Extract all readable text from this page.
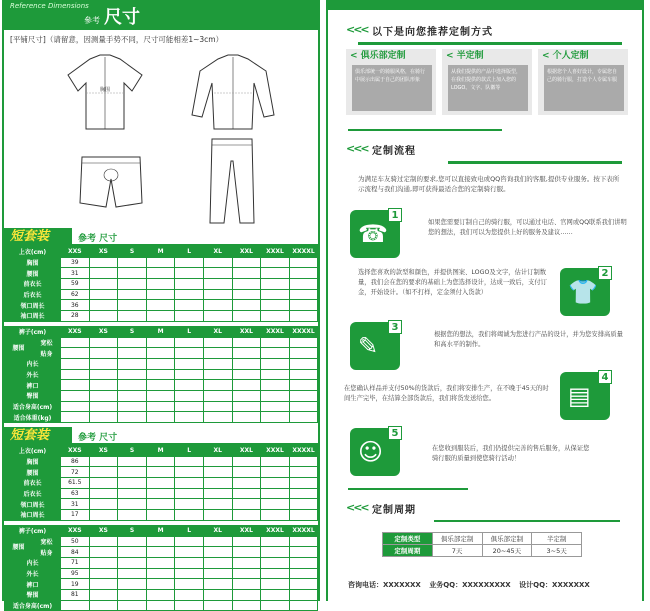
Reference Dimensions
參考 尺寸
[平铺尺寸]（请留意，因测量手势不同，尺寸可能相差1~3cm）
胸围
短套装	參考 尺寸
上衣(cm)	XXS	XS	S	M	L	XL	XXL	XXXL	XXXXL
胸围	39								
腰围	31								
前衣长	59								
后衣长	62								
领口周长	36								
袖口周长	28								
裤子(cm)		XXS	XS	S	M	L	XL	XXL	XXXL	XXXXL
腰围	宽松									
	贴身									
内长										
外长										
裤口										
臀围										
适合身高(cm)										
适合体重(kg)										
短套装	參考 尺寸
上衣(cm)	XXS	XS	S	M	L	XL	XXL	XXXL	XXXXL
胸围	86								
腰围	72								
前衣长	61.5								
后衣长	63								
领口周长	31								
袖口周长	17								
裤子(cm)		XXS	XS	S	M	L	XL	XXL	XXXL	XXXXL
腰围	宽松	50								
	贴身	84								
内长		71								
外长		95								
裤口		19								
臀围		81								
适合身高(cm)										
<<< 以下是向您推荐定制方式
< 俱乐部定制
俱乐部统一的骑服风格，在骑行中展示出属于自己的团队形象
< 半定制
从我们提供的产品中选择版型，在我们提供的款式上加入您的LOGO、文字、队徽等
< 个人定制
根据您个人喜好设计，专属您自己的骑行服，打造个人专属车服
<<< 定制流程
为满足车友骑过定制的要求,您可以直接致电或QQ咨询我们的客服,提供专业服务。按下表所示流程与我们沟通,即可获得最适合您的定制骑行服。
☎
1
如果您需要订制自己的骑行服，可以通过电话、官网或QQ联系我们讲明您的想法，我们可以为您提供上好的服务及建议……
👕
2
选择您喜欢的款型和颜色，并提供图案、LOGO及文字，估计订制数量，我们会在您的要求的基础上为您选择设计，达成一致后，支付订金，开始设计。（如不打样，定金须付入货款）
✎
3
根据您的想法，我们将竭诚为您进行产品的设计，并为您安排高质量和高水平的制作。
▤
4
在您确认样品并支付50%的货款后，我们将安排生产，在不晚于45天的时间生产完毕，在结算全部货款后，我们将货发送给您。
☺
5
在您收到服装后，我们仍提供完善的售后服务，从保证您骑行服的质量到使您骑行活动！
<<< 定制周期
定制类型	俱乐部定制	俱乐部定制	半定制
定制周期	7天	20~45天	3~5天
咨询电话：XXXXXXX 业务QQ：XXXXXXXXX 设计QQ：XXXXXXX
